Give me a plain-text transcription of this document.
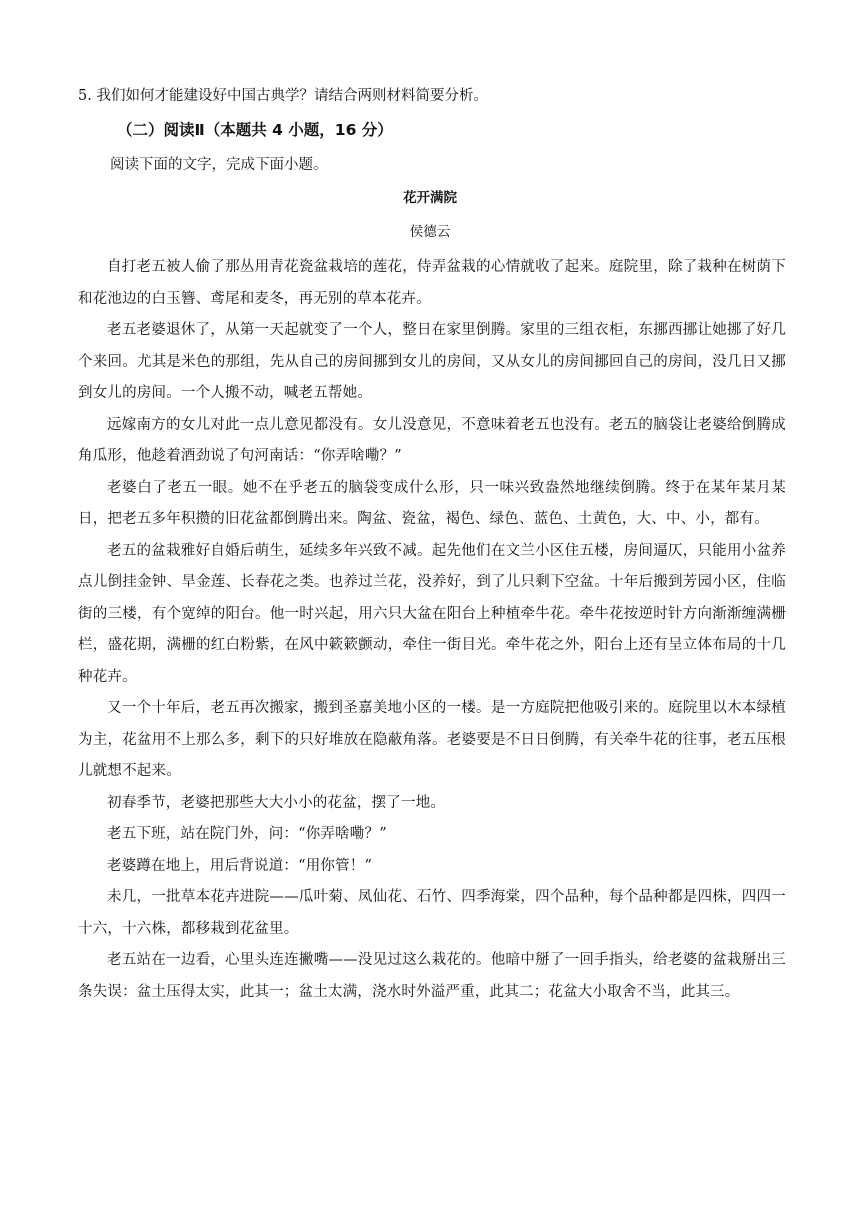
5. 我们如何才能建设好中国古典学？请结合两则材料简要分析。

（二）阅读Ⅱ（本题共 4 小题，16 分）

阅读下面的文字，完成下面小题。

花开满院

侯德云

自打老五被人偷了那丛用青花瓷盆栽培的莲花，侍弄盆栽的心情就收了起来。庭院里，除了栽种在树荫下和花池边的白玉簪、鸢尾和麦冬，再无别的草本花卉。

老五老婆退休了，从第一天起就变了一个人，整日在家里倒腾。家里的三组衣柜，东挪西挪让她挪了好几个来回。尤其是米色的那组，先从自己的房间挪到女儿的房间，又从女儿的房间挪回自己的房间，没几日又挪到女儿的房间。一个人搬不动，喊老五帮她。

远嫁南方的女儿对此一点儿意见都没有。女儿没意见，不意味着老五也没有。老五的脑袋让老婆给倒腾成角瓜形，他趁着酒劲说了句河南话：“你弄啥嘞？”

老婆白了老五一眼。她不在乎老五的脑袋变成什么形，只一味兴致盎然地继续倒腾。终于在某年某月某日，把老五多年积攒的旧花盆都倒腾出来。陶盆、瓷盆，褐色、绿色、蓝色、土黄色，大、中、小，都有。

老五的盆栽雅好自婚后萌生，延续多年兴致不减。起先他们在文兰小区住五楼，房间逼仄，只能用小盆养点儿倒挂金钟、旱金莲、长春花之类。也养过兰花，没养好，到了儿只剩下空盆。十年后搬到芳园小区，住临街的三楼，有个宽绰的阳台。他一时兴起，用六只大盆在阳台上种植牵牛花。牵牛花按逆时针方向渐渐缠满栅栏，盛花期，满栅的红白粉紫，在风中簌簌颤动，牵住一街目光。牵牛花之外，阳台上还有呈立体布局的十几种花卉。

又一个十年后，老五再次搬家，搬到圣嘉美地小区的一楼。是一方庭院把他吸引来的。庭院里以木本绿植为主，花盆用不上那么多，剩下的只好堆放在隐蔽角落。老婆要是不日日倒腾，有关牵牛花的往事，老五压根儿就想不起来。

初春季节，老婆把那些大大小小的花盆，摆了一地。

老五下班，站在院门外，问：“你弄啥嘞？”

老婆蹲在地上，用后背说道：“用你管！”

未几，一批草本花卉进院——瓜叶菊、凤仙花、石竹、四季海棠，四个品种，每个品种都是四株，四四一十六，十六株，都移栽到花盆里。

老五站在一边看，心里头连连撇嘴——没见过这么栽花的。他暗中掰了一回手指头，给老婆的盆栽掰出三条失误：盆土压得太实，此其一；盆土太满，浇水时外溢严重，此其二；花盆大小取舍不当，此其三。
